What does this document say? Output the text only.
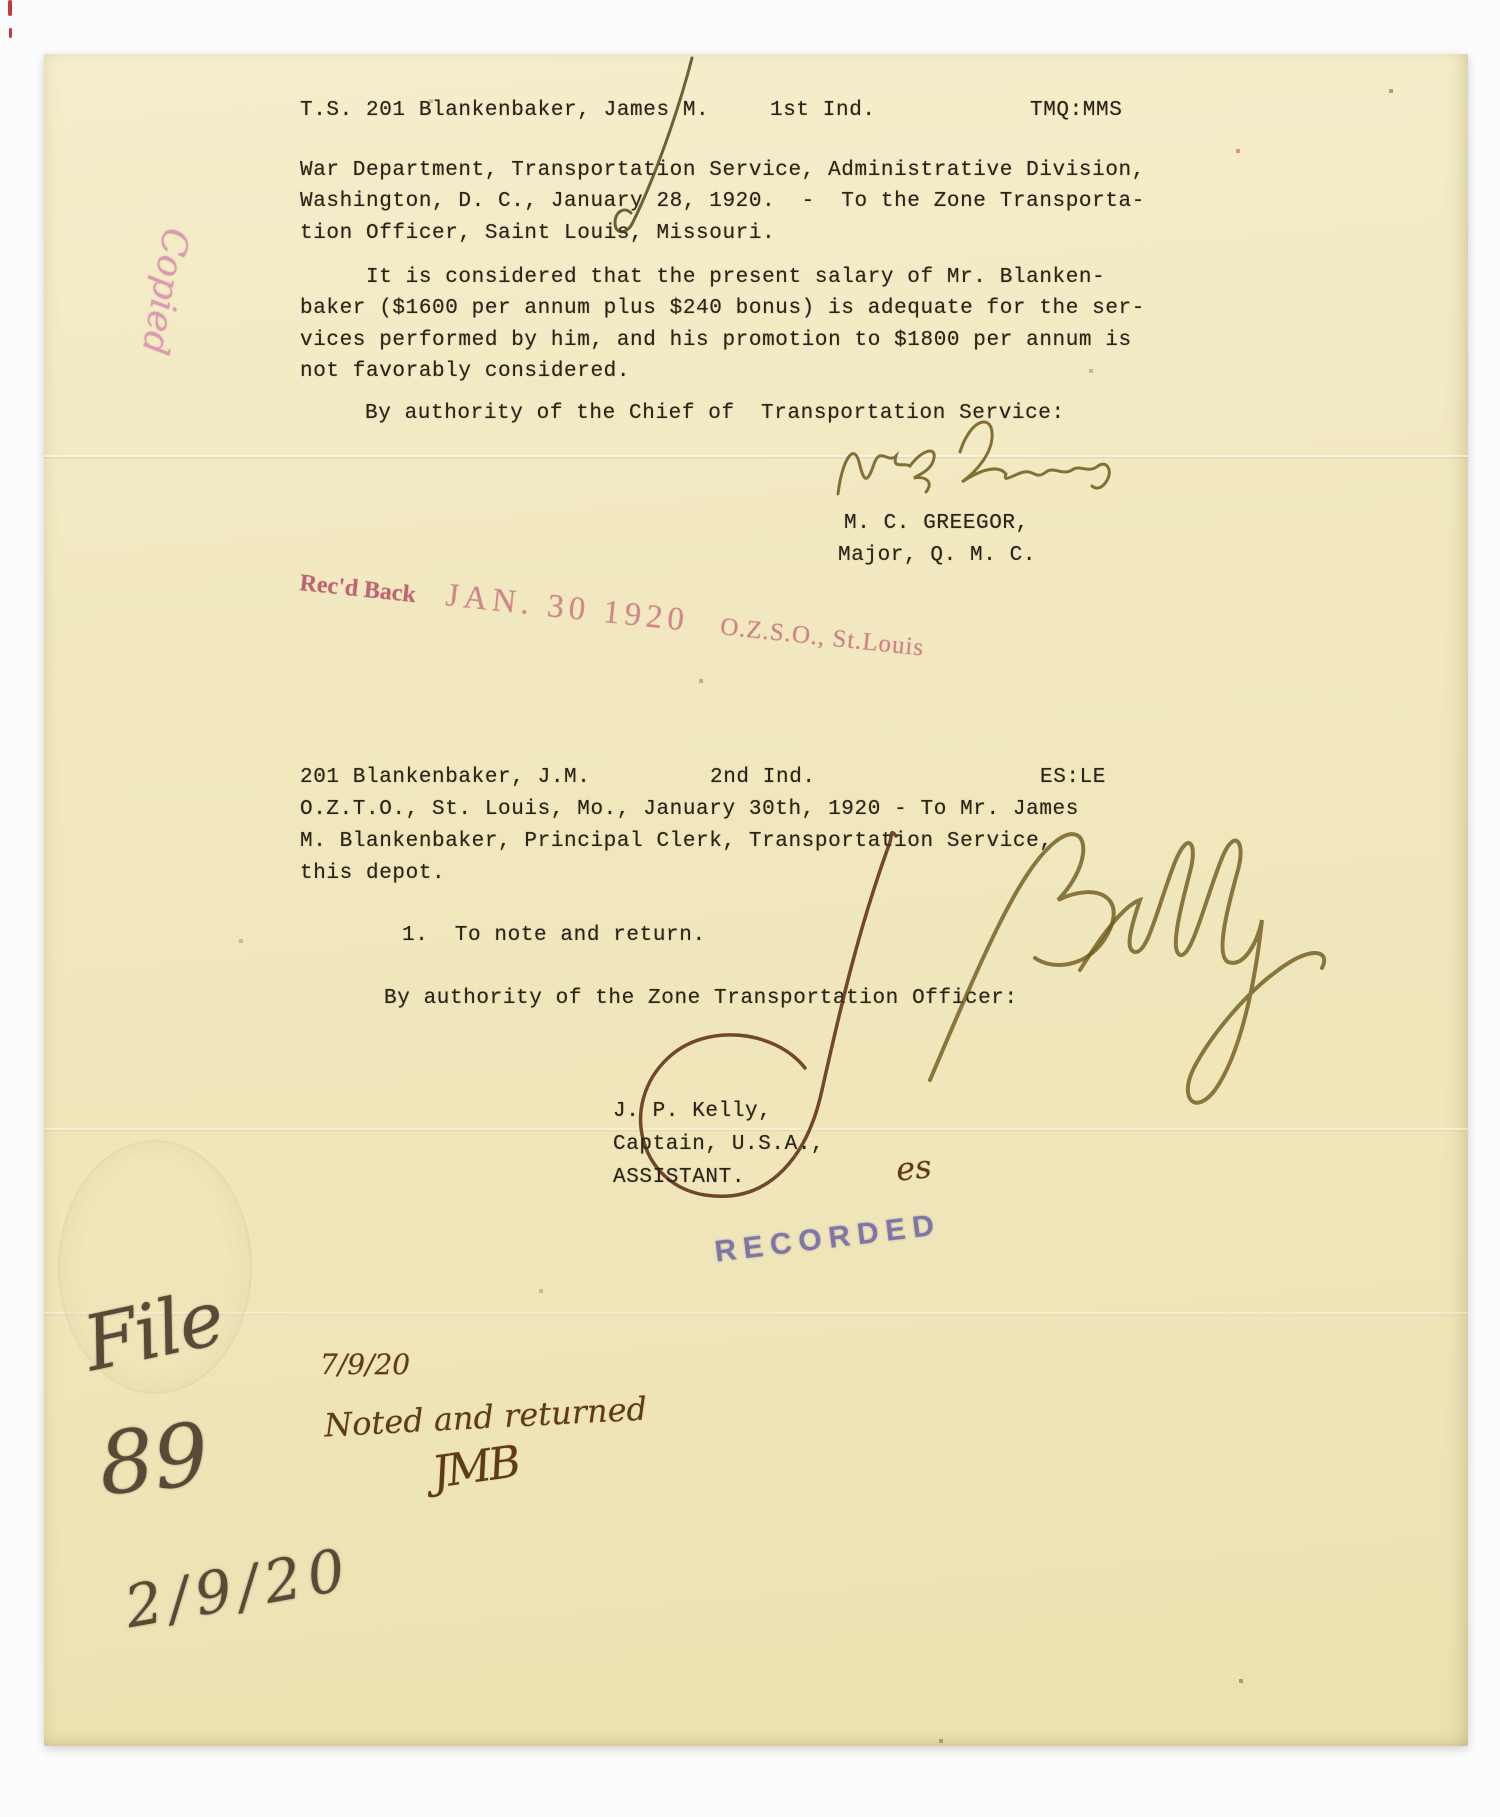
T.S. 201 Blankenbaker, James M.	1st Ind.	TMQ:MMS
War Department, Transportation Service, Administrative Division,
Washington, D. C., January 28, 1920.  -  To the Zone Transporta-
tion Officer, Saint Louis, Missouri.
It is considered that the present salary of Mr. Blanken-
baker ($1600 per annum plus $240 bonus) is adequate for the ser-
vices performed by him, and his promotion to $1800 per annum is
not favorably considered.
By authority of the Chief of  Transportation Service:
M. C. GREEGOR,
Major, Q. M. C.
Rec'd Back JAN. 30 1920 O.Z.S.O., St.Louis
Copied
201 Blankenbaker, J.M.	2nd Ind.	ES:LE
O.Z.T.O., St. Louis, Mo., January 30th, 1920 - To Mr. James
M. Blankenbaker, Principal Clerk, Transportation Service,
this depot.
1.  To note and return.
By authority of the Zone Transportation Officer:
J. P. Kelly,
Captain, U.S.A.,
ASSISTANT.	es
RECORDED
File
89
2/9/20
7/9/20
Noted and returned
JMB
